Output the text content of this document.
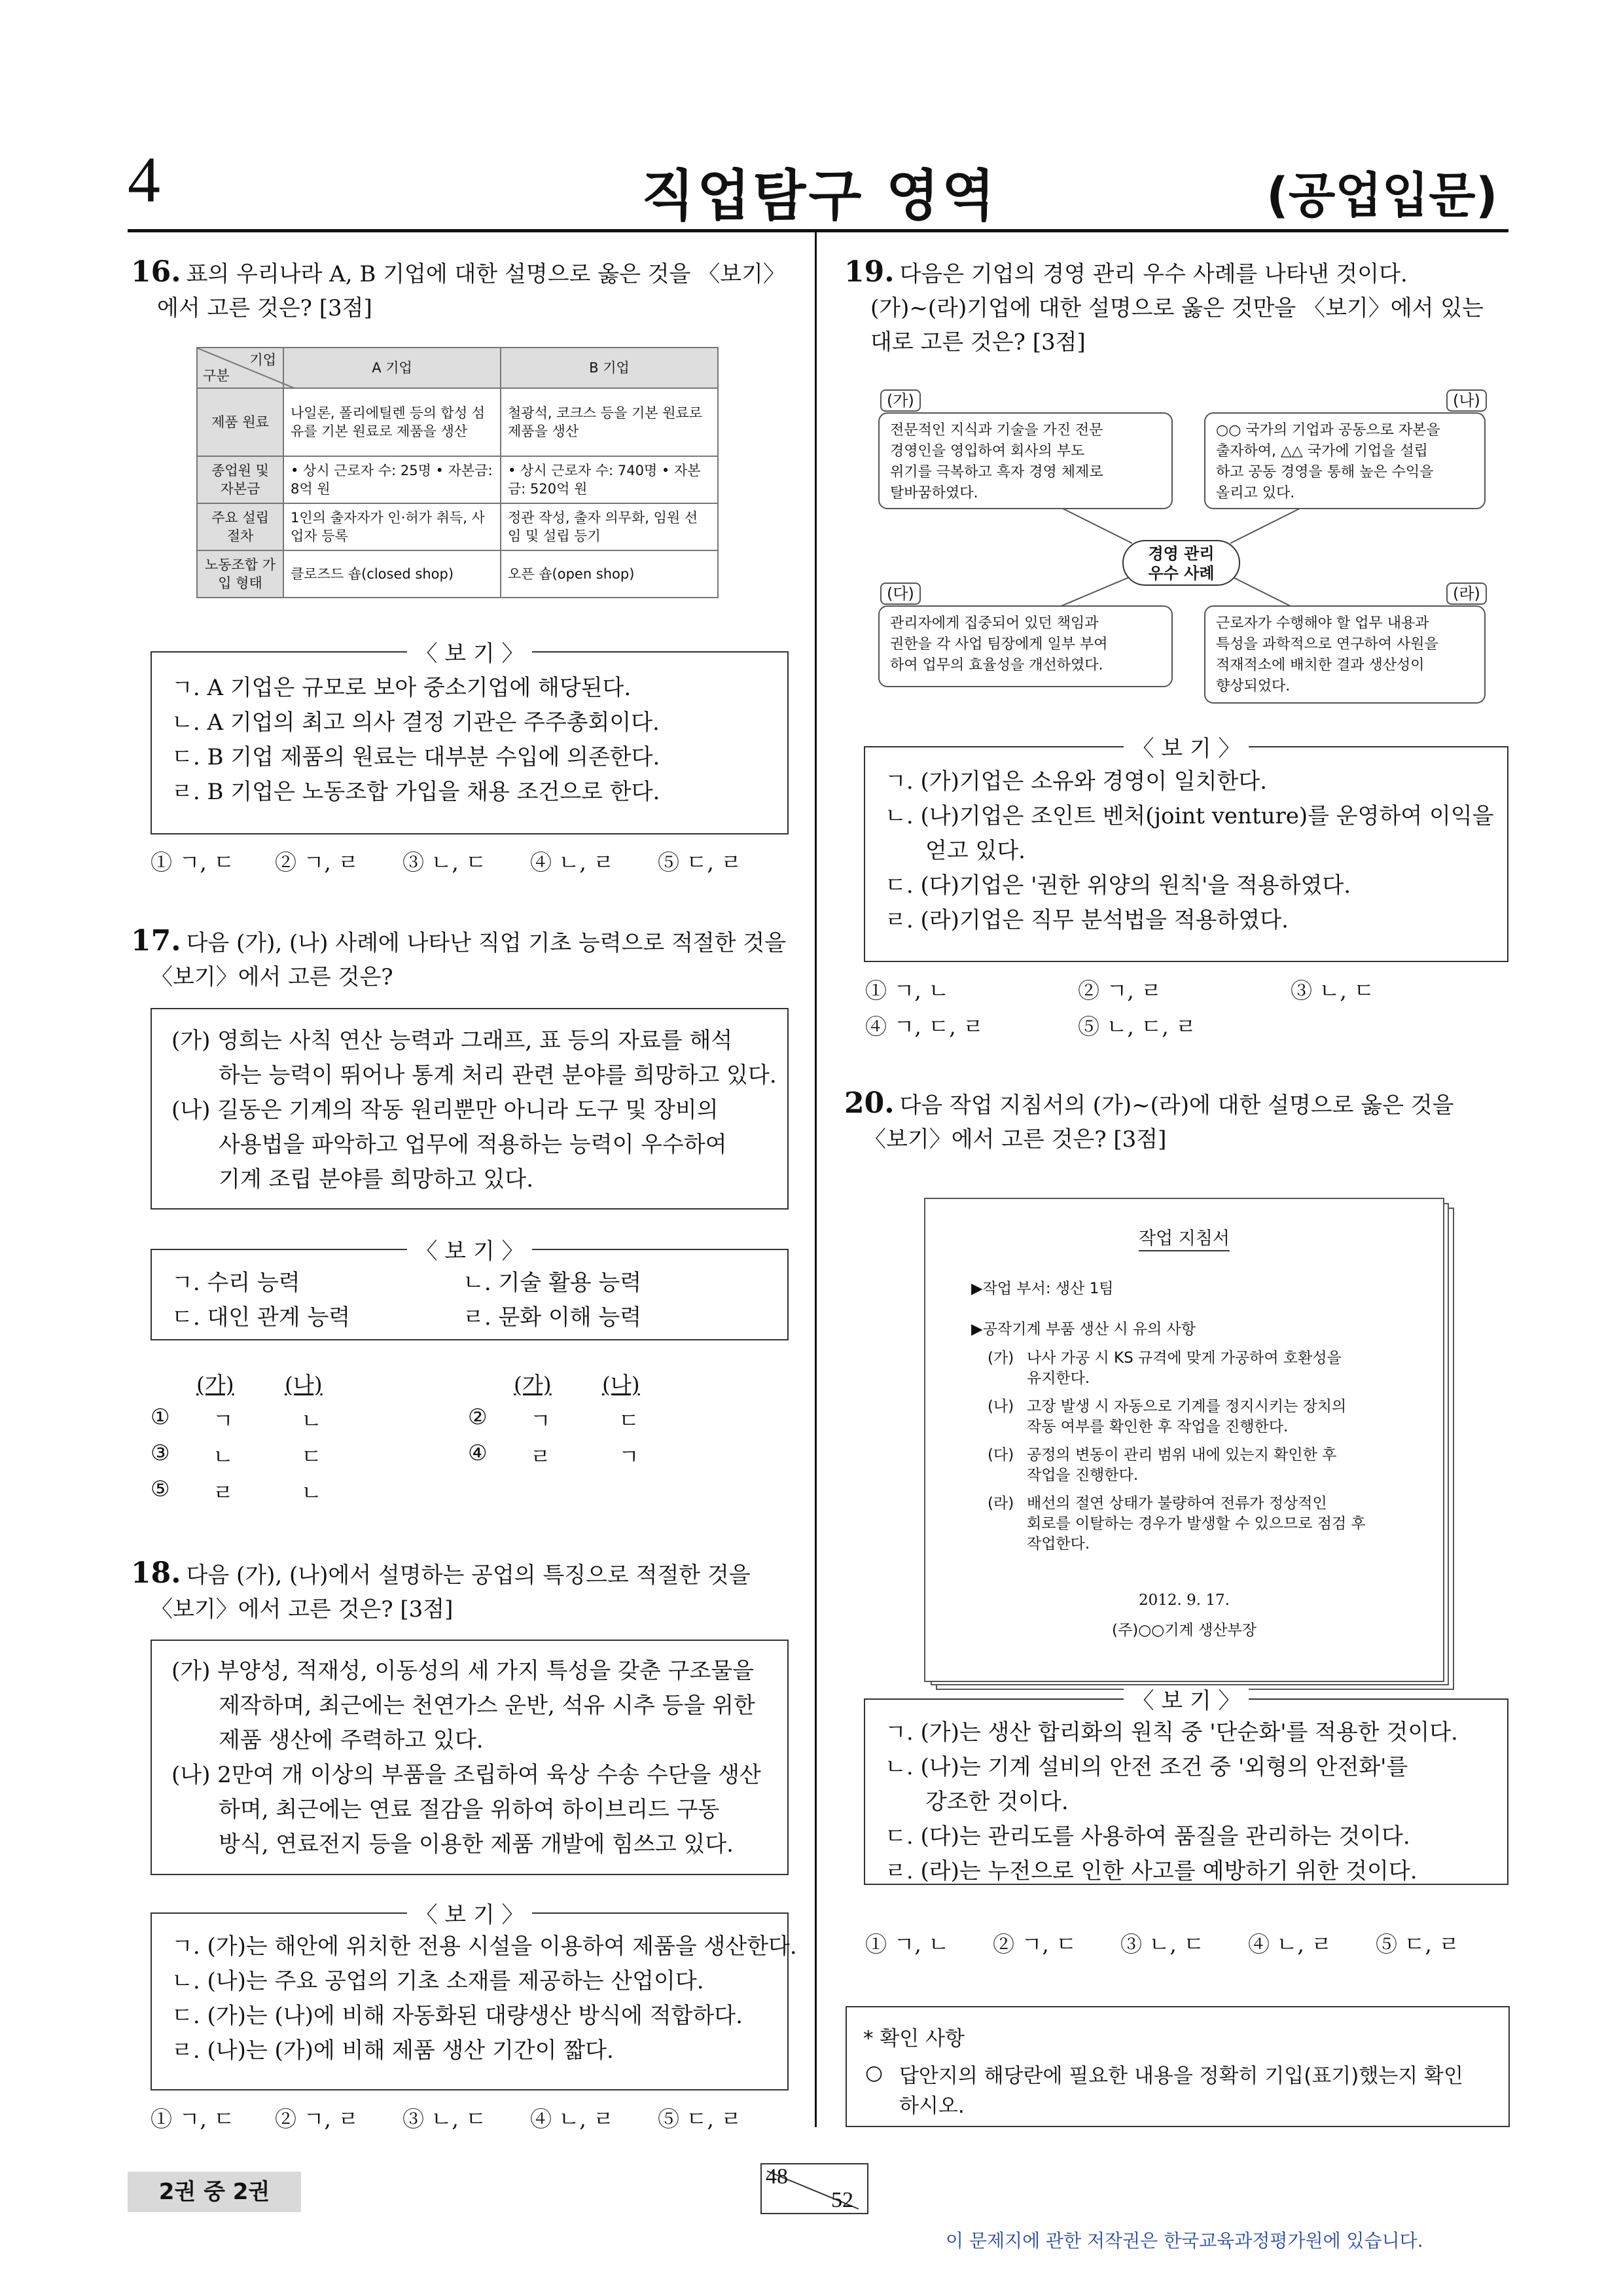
4	직업탐구 영역	(공업입문)
16. 표의 우리나라 A, B 기업에 대한 설명으로 옳은 것을 〈보기〉
에서 고른 것은? [3점]
기업
구분	A 기업	B 기업
제품 원료	나일론, 폴리에틸렌 등의 합성 섬유를 기본 원료로 제품을 생산	철광석, 코크스 등을 기본 원료로 제품을 생산
종업원 및 자본금	• 상시 근로자 수: 25명 • 자본금: 8억 원	• 상시 근로자 수: 740명 • 자본금: 520억 원
주요 설립 절차	1인의 출자자가 인·허가 취득, 사업자 등록	정관 작성, 출자 의무화, 임원 선임 및 설립 등기
노동조합 가입 형태	클로즈드 숍(closed shop)	오픈 숍(open shop)
〈 보 기 〉
ㄱ. A 기업은 규모로 보아 중소기업에 해당된다.
ㄴ. A 기업의 최고 의사 결정 기관은 주주총회이다.
ㄷ. B 기업 제품의 원료는 대부분 수입에 의존한다.
ㄹ. B 기업은 노동조합 가입을 채용 조건으로 한다.
① ㄱ, ㄷ ② ㄱ, ㄹ ③ ㄴ, ㄷ ④ ㄴ, ㄹ ⑤ ㄷ, ㄹ
17. 다음 (가), (나) 사례에 나타난 직업 기초 능력으로 적절한 것을
〈보기〉에서 고른 것은?
(가) 영희는 사칙 연산 능력과 그래프, 표 등의 자료를 해석
하는 능력이 뛰어나 통계 처리 관련 분야를 희망하고 있다.
(나) 길동은 기계의 작동 원리뿐만 아니라 도구 및 장비의
사용법을 파악하고 업무에 적용하는 능력이 우수하여
기계 조립 분야를 희망하고 있다.
〈 보 기 〉
ㄱ. 수리 능력	ㄴ. 기술 활용 능력
ㄷ. 대인 관계 능력	ㄹ. 문화 이해 능력
(가) (나)	(가) (나)
① ㄱ	ㄴ	② ㄱ	ㄷ
③ ㄴ	ㄷ	④ ㄹ	ㄱ
⑤ ㄹ	ㄴ
18. 다음 (가), (나)에서 설명하는 공업의 특징으로 적절한 것을
〈보기〉에서 고른 것은? [3점]
(가) 부양성, 적재성, 이동성의 세 가지 특성을 갖춘 구조물을
제작하며, 최근에는 천연가스 운반, 석유 시추 등을 위한
제품 생산에 주력하고 있다.
(나) 2만여 개 이상의 부품을 조립하여 육상 수송 수단을 생산
하며, 최근에는 연료 절감을 위하여 하이브리드 구동
방식, 연료전지 등을 이용한 제품 개발에 힘쓰고 있다.
〈 보 기 〉
ㄱ. (가)는 해안에 위치한 전용 시설을 이용하여 제품을 생산한다.
ㄴ. (나)는 주요 공업의 기초 소재를 제공하는 산업이다.
ㄷ. (가)는 (나)에 비해 자동화된 대량생산 방식에 적합하다.
ㄹ. (나)는 (가)에 비해 제품 생산 기간이 짧다.
① ㄱ, ㄷ ② ㄱ, ㄹ ③ ㄴ, ㄷ ④ ㄴ, ㄹ ⑤ ㄷ, ㄹ
19. 다음은 기업의 경영 관리 우수 사례를 나타낸 것이다.
(가)~(라)기업에 대한 설명으로 옳은 것만을 〈보기〉에서 있는
대로 고른 것은? [3점]
(가)	(나)
전문적인 지식과 기술을 가진 전문
경영인을 영입하여 회사의 부도
위기를 극복하고 흑자 경영 체제로
탈바꿈하였다.
○○ 국가의 기업과 공동으로 자본을
출자하여, △△ 국가에 기업을 설립
하고 공동 경영을 통해 높은 수익을
올리고 있다.
경영 관리
우수 사례
(다)	(라)
관리자에게 집중되어 있던 책임과
권한을 각 사업 팀장에게 일부 부여
하여 업무의 효율성을 개선하였다.
근로자가 수행해야 할 업무 내용과
특성을 과학적으로 연구하여 사원을
적재적소에 배치한 결과 생산성이
향상되었다.
〈 보 기 〉
ㄱ. (가)기업은 소유와 경영이 일치한다.
ㄴ. (나)기업은 조인트 벤처(joint venture)를 운영하여 이익을
얻고 있다.
ㄷ. (다)기업은 '권한 위양의 원칙'을 적용하였다.
ㄹ. (라)기업은 직무 분석법을 적용하였다.
① ㄱ, ㄴ	② ㄱ, ㄹ	③ ㄴ, ㄷ
④ ㄱ, ㄷ, ㄹ	⑤ ㄴ, ㄷ, ㄹ
20. 다음 작업 지침서의 (가)~(라)에 대한 설명으로 옳은 것을
〈보기〉에서 고른 것은? [3점]
작업 지침서
▶작업 부서: 생산 1팀
▶공작기계 부품 생산 시 유의 사항
(가) 나사 가공 시 KS 규격에 맞게 가공하여 호환성을
유지한다.
(나) 고장 발생 시 자동으로 기계를 정지시키는 장치의
작동 여부를 확인한 후 작업을 진행한다.
(다) 공정의 변동이 관리 범위 내에 있는지 확인한 후
작업을 진행한다.
(라) 배선의 절연 상태가 불량하여 전류가 정상적인
회로를 이탈하는 경우가 발생할 수 있으므로 점검 후
작업한다.
2012. 9. 17.
(주)○○기계 생산부장
〈 보 기 〉
ㄱ. (가)는 생산 합리화의 원칙 중 '단순화'를 적용한 것이다.
ㄴ. (나)는 기계 설비의 안전 조건 중 '외형의 안전화'를
강조한 것이다.
ㄷ. (다)는 관리도를 사용하여 품질을 관리하는 것이다.
ㄹ. (라)는 누전으로 인한 사고를 예방하기 위한 것이다.
① ㄱ, ㄴ ② ㄱ, ㄷ ③ ㄴ, ㄷ ④ ㄴ, ㄹ ⑤ ㄷ, ㄹ
* 확인 사항
○ 답안지의 해당란에 필요한 내용을 정확히 기입(표기)했는지 확인
하시오.
2권 중 2권
48
52
이 문제지에 관한 저작권은 한국교육과정평가원에 있습니다.
